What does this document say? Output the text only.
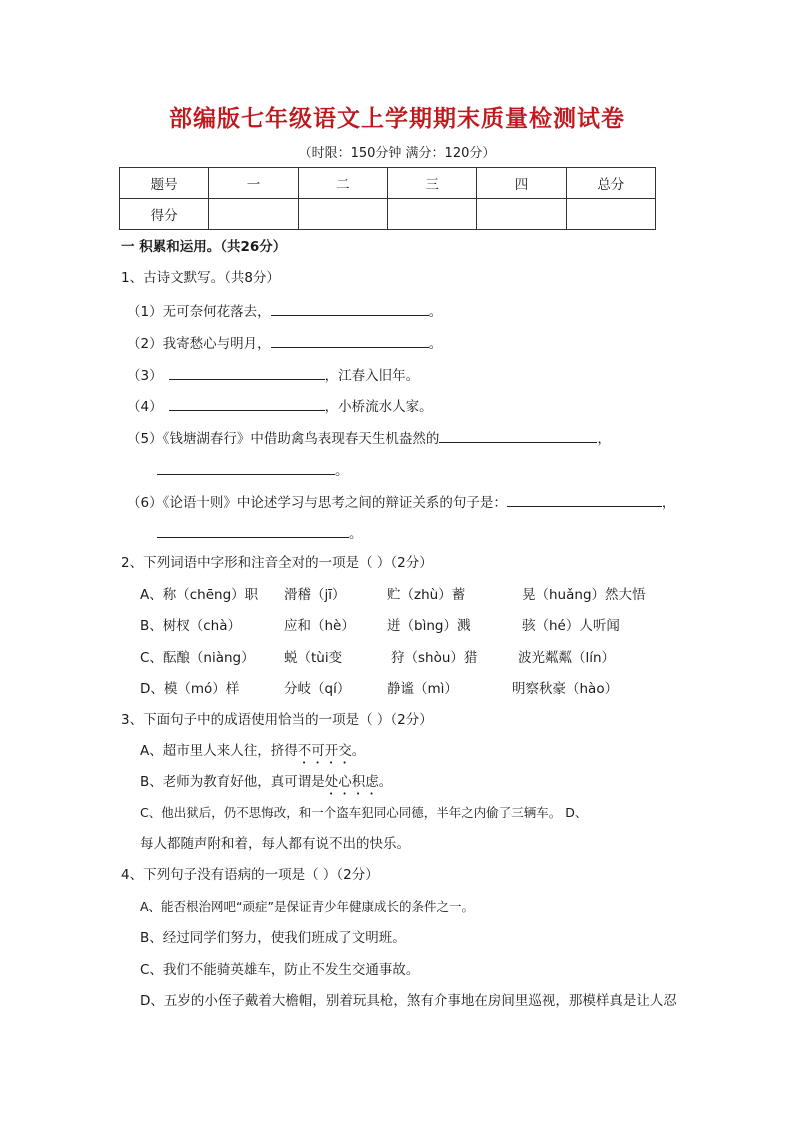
部编版七年级语文上学期期末质量检测试卷
（时限：150分钟 满分：120分）
题号	一	二	三	四	总分
得分					
一 积累和运用。（共26分）
1、古诗文默写。（共8分）
（1）无可奈何花落去，	。
（2）我寄愁心与明月，	。
（3）	，江春入旧年。
（4）	，小桥流水人家。
（5）《钱塘湖春行》中借助禽鸟表现春天生机盎然的	，
。
（6）《论语十则》中论述学习与思考之间的辩证关系的句子是：	，
。
2、下列词语中字形和注音全对的一项是（ ）（2分）
A、称（chēng）职 滑稽（jī）	贮（zhù）蓄	晃（huǎng）然大悟
B、树杈（chà）	应和（hè） 迸（bìng）溅	骇（hé）人听闻
C、酝酿（niàng） 蜕（tùi变	狩（shòu）猎	波光粼粼（lín）
D、模（mó）样	分岐（qí）	静谧（mì）	明察秋豪（hào）
3、下面句子中的成语使用恰当的一项是（ ）（2分）
A、超市里人来人往，挤得不可开交。
B、老师为教育好他，真可谓是处心积虑。
C、他出狱后，仍不思悔改，和一个盗车犯同心同德，半年之内偷了三辆车。 D、
每人都随声附和着，每人都有说不出的快乐。
4、下列句子没有语病的一项是（ ）（2分）
A、能否根治网吧“顽症”是保证青少年健康成长的条件之一。
B、经过同学们努力，使我们班成了文明班。
C、我们不能骑英雄车，防止不发生交通事故。
D、五岁的小侄子戴着大檐帽，别着玩具枪，煞有介事地在房间里巡视，那模样真是让人忍
